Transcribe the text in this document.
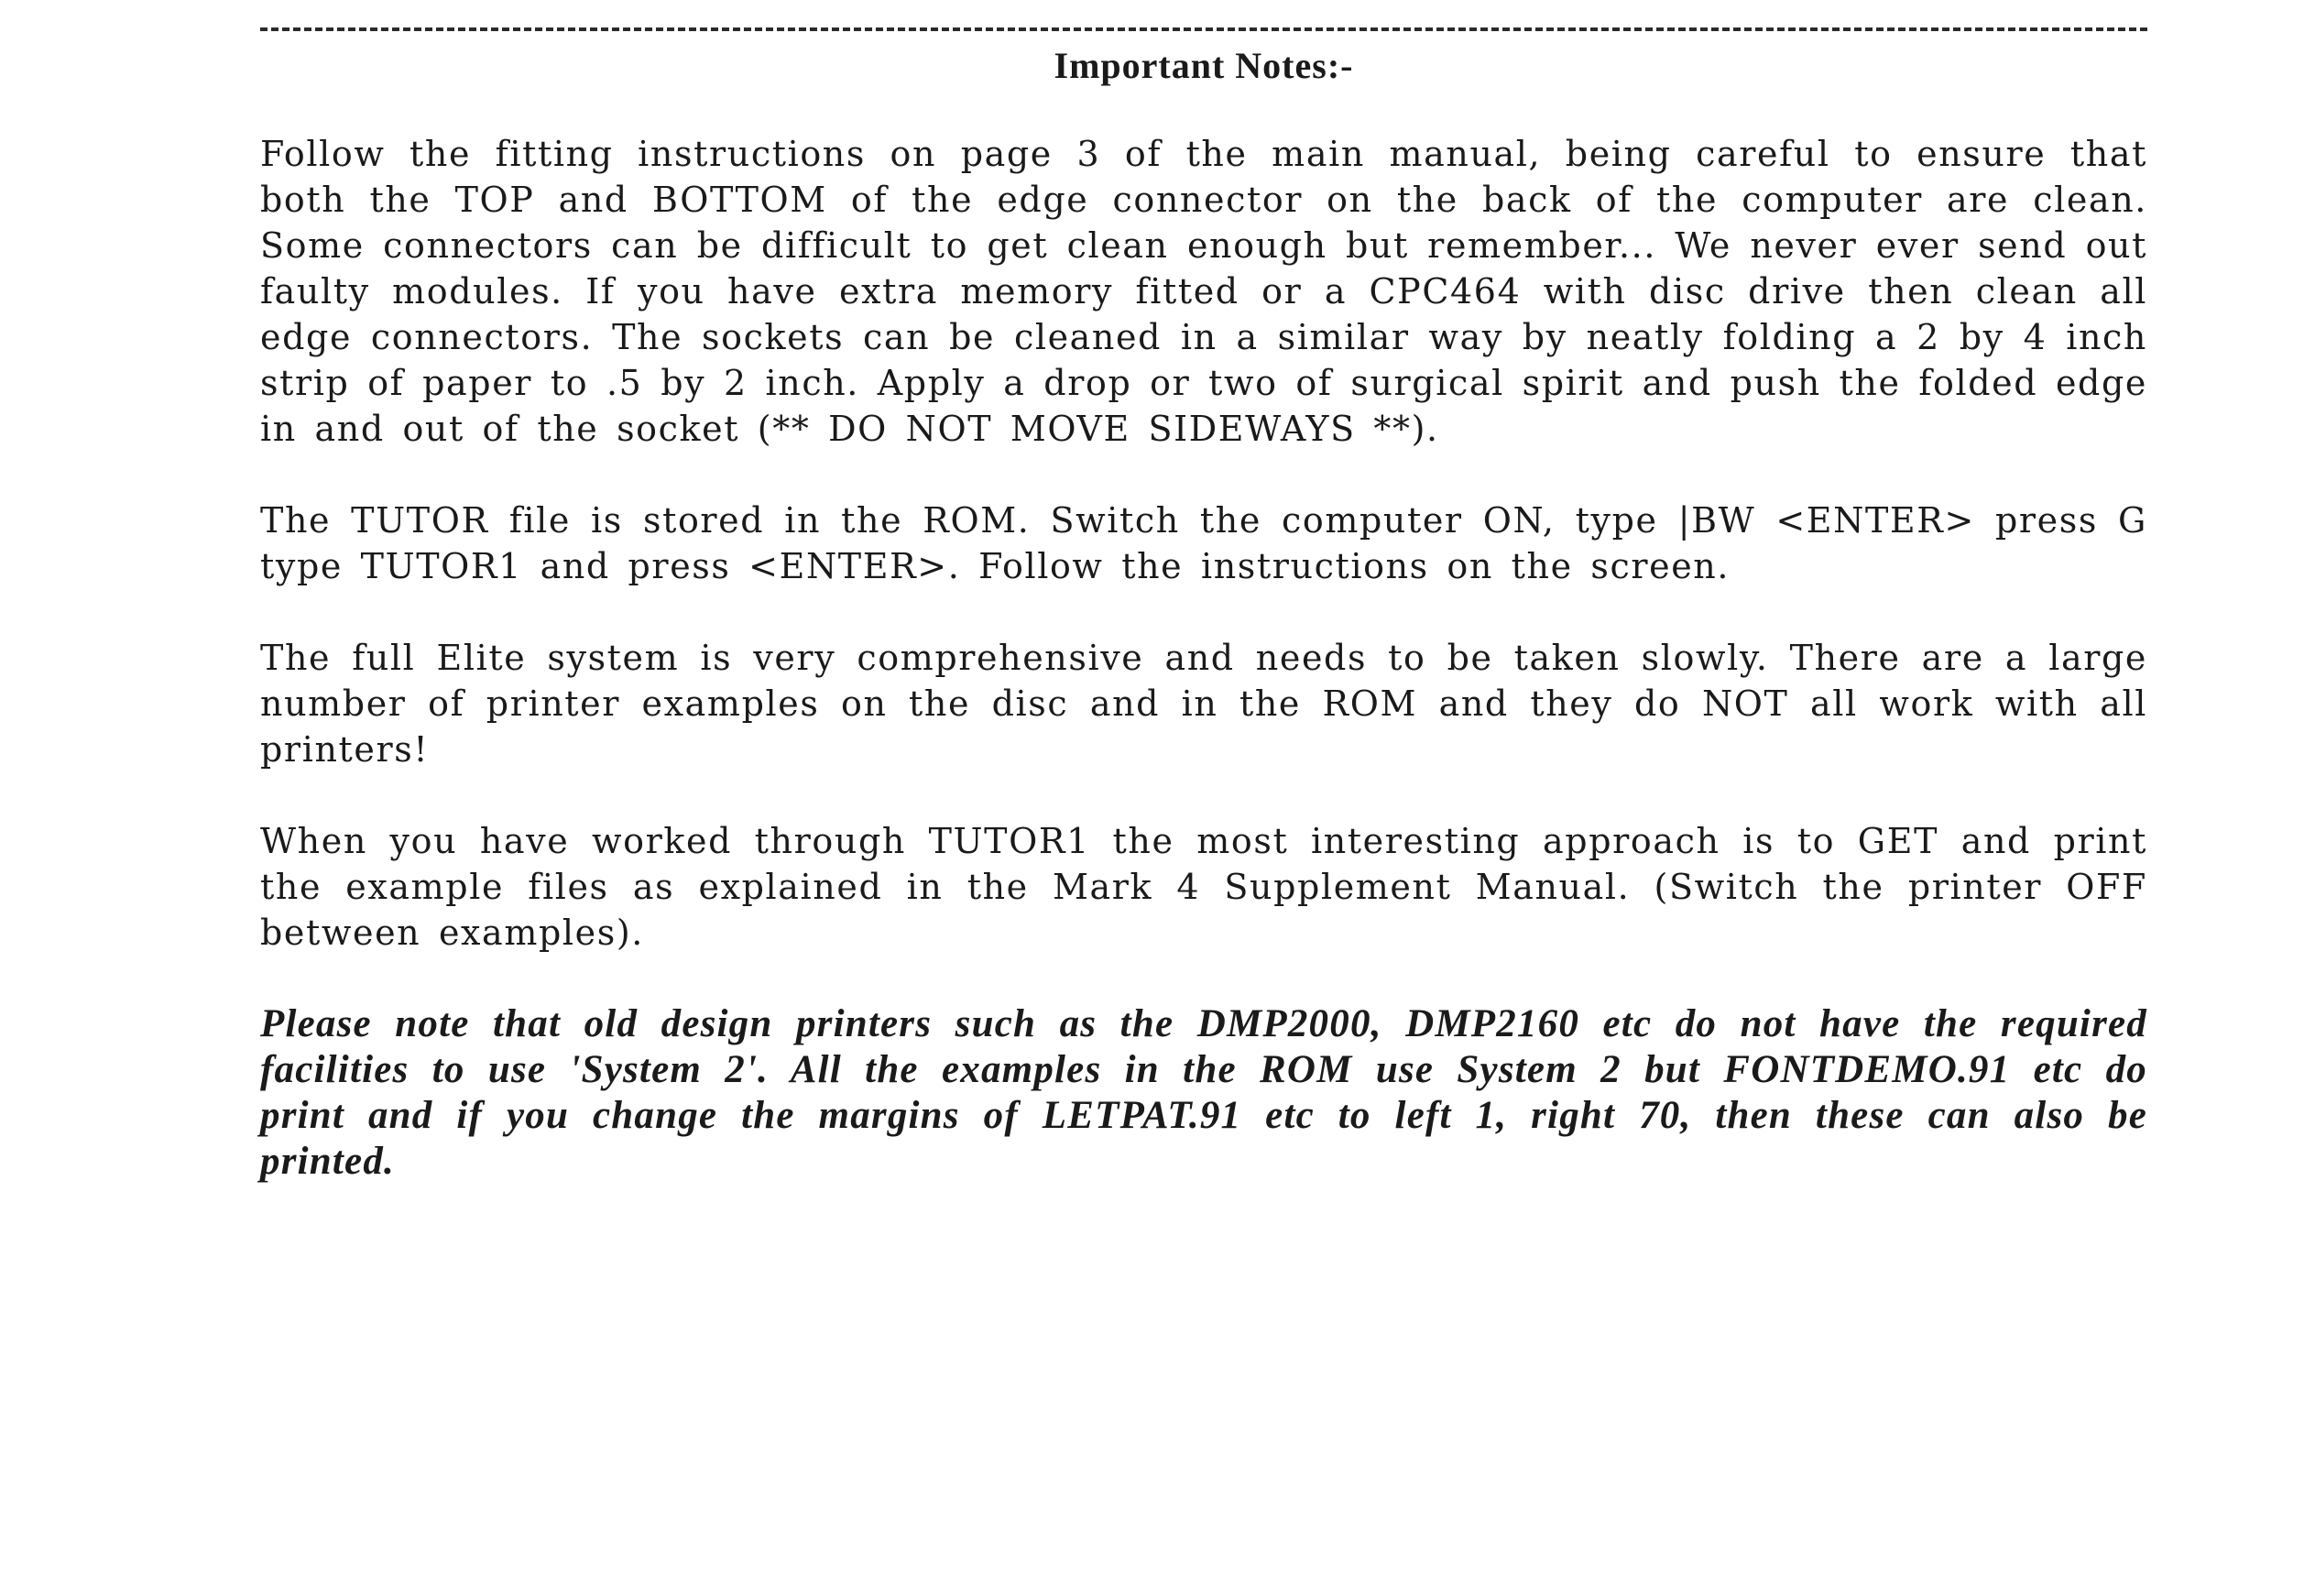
Important Notes:-

Follow the fitting instructions on page 3 of the main manual, being careful to ensure that both the TOP and BOTTOM of the edge connector on the back of the computer are clean. Some connectors can be difficult to get clean enough but remember... We never ever send out faulty modules. If you have extra memory fitted or a CPC464 with disc drive then clean all edge connectors. The sockets can be cleaned in a similar way by neatly folding a 2 by 4 inch strip of paper to .5 by 2 inch. Apply a drop or two of surgical spirit and push the folded edge in and out of the socket (** DO NOT MOVE SIDEWAYS **).

The TUTOR file is stored in the ROM. Switch the computer ON, type |BW <ENTER> press G type TUTOR1 and press <ENTER>. Follow the instructions on the screen.

The full Elite system is very comprehensive and needs to be taken slowly. There are a large number of printer examples on the disc and in the ROM and they do NOT all work with all printers!

When you have worked through TUTOR1 the most interesting approach is to GET and print the example files as explained in the Mark 4 Supplement Manual. (Switch the printer OFF between examples).

Please note that old design printers such as the DMP2000, DMP2160 etc do not have the required facilities to use 'System 2'. All the examples in the ROM use System 2 but FONTDEMO.91 etc do print and if you change the margins of LETPAT.91 etc to left 1, right 70, then these can also be printed.
